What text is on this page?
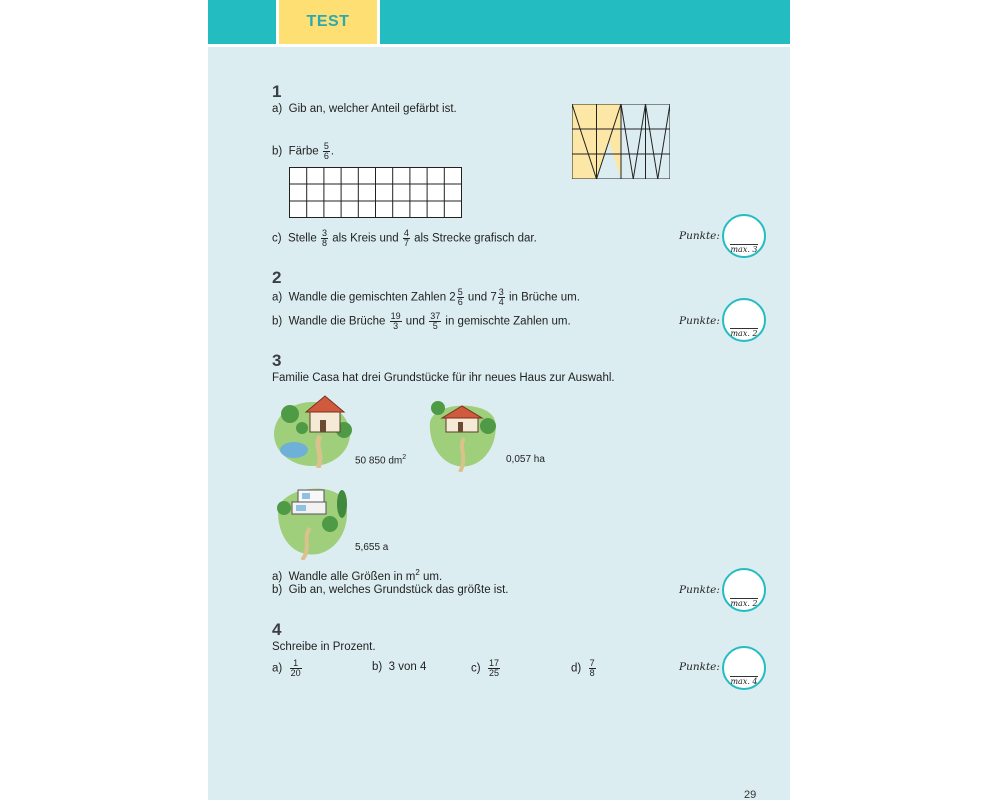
TEST
1
a) Gib an, welcher Anteil gefärbt ist.
b) Färbe $\frac{5}{6}$ .
c) Stelle $\frac{3}{8}$ als Kreis und $\frac{4}{7}$ als Strecke grafisch dar.	Punkte:
max. 3
2
a) Wandle die gemischten Zahlen $2 \frac{5}{6}$ und $7 \frac{3}{4}$ in Brüche um.
b) Wandle die Brüche $\frac{19}{3}$ und $\frac{37}{5}$ in gemischte Zahlen um.	Punkte:
max. 2
3
Familie Casa hat drei Grundstücke für ihr neues Haus zur Auswahl.
50 850 $dm^2$	0,057 ha
5,655 a
a) Wandle alle Größen in $m^2$ um.
b) Gib an, welches Grundstück das größte ist.	Punkte:
max. 2
4
Schreibe in Prozent.
$a) \frac{1}{20}$	b) 3 von 4	$c) \frac{17}{25}$	$d) \frac{7}{8}$	Punkte:
max. 4
29
